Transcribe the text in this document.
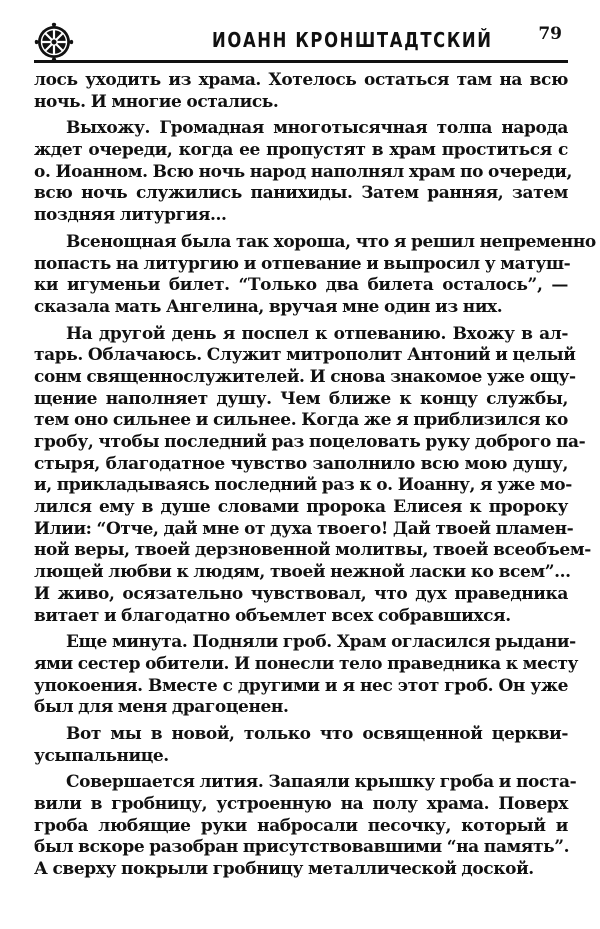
ИОАНН КРОНШТАДТСКИЙ	79
лось уходить из храма. Хотелось остаться там на всю
ночь. И многие остались.
Выхожу. Громадная многотысячная толпа народа
ждет очереди, когда ее пропустят в храм проститься с
о. Иоанном. Всю ночь народ наполнял храм по очереди,
всю ночь служились панихиды. Затем ранняя, затем
поздняя литургия...
Всенощная была так хороша, что я решил непременно
попасть на литургию и отпевание и выпросил у матуш-
ки игуменьи билет. “Только два билета осталось”, —
сказала мать Ангелина, вручая мне один из них.
На другой день я поспел к отпеванию. Вхожу в ал-
тарь. Облачаюсь. Служит митрополит Антоний и целый
сонм священнослужителей. И снова знакомое уже ощу-
щение наполняет душу. Чем ближе к концу службы,
тем оно сильнее и сильнее. Когда же я приблизился ко
гробу, чтобы последний раз поцеловать руку доброго па-
стыря, благодатное чувство заполнило всю мою душу,
и, прикладываясь последний раз к о. Иоанну, я уже мо-
лился ему в душе словами пророка Елисея к пророку
Илии: “Отче, дай мне от духа твоего! Дай твоей пламен-
ной веры, твоей дерзновенной молитвы, твоей всеобъем-
лющей любви к людям, твоей нежной ласки ко всем”...
И живо, осязательно чувствовал, что дух праведника
витает и благодатно объемлет всех собравшихся.
Еще минута. Подняли гроб. Храм огласился рыдани-
ями сестер обители. И понесли тело праведника к месту
упокоения. Вместе с другими и я нес этот гроб. Он уже
был для меня драгоценен.
Вот мы в новой, только что освященной церкви-
усыпальнице.
Совершается лития. Запаяли крышку гроба и поста-
вили в гробницу, устроенную на полу храма. Поверх
гроба любящие руки набросали песочку, который и
был вскоре разобран присутствовавшими “на память”.
А сверху покрыли гробницу металлической доской.
